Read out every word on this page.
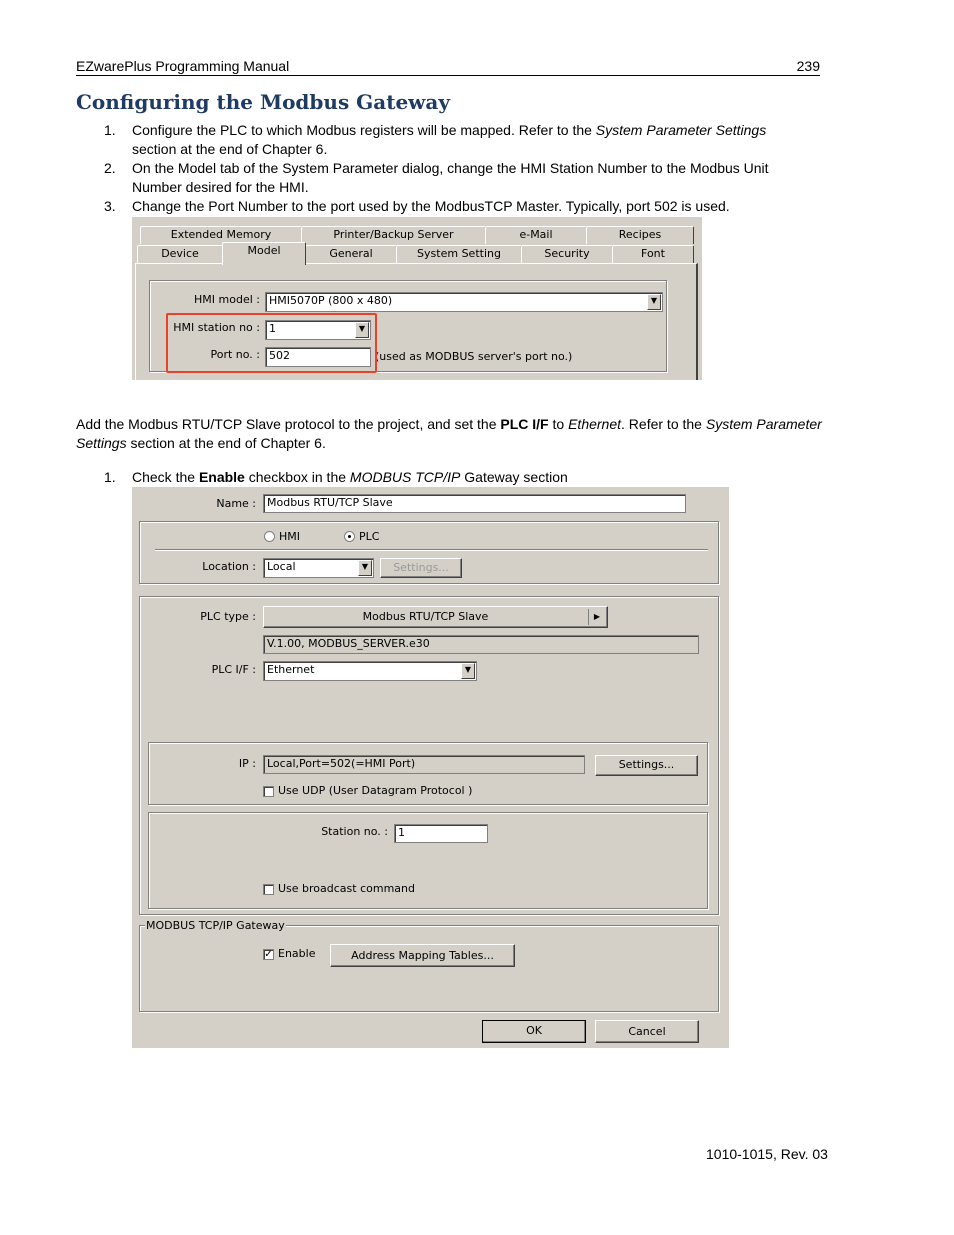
EZwarePlus Programming Manual	239
Configuring the Modbus Gateway
1. Configure the PLC to which Modbus registers will be mapped. Refer to the System Parameter Settings section at the end of Chapter 6.
2. On the Model tab of the System Parameter dialog, change the HMI Station Number to the Modbus Unit Number desired for the HMI.
3. Change the Port Number to the port used by the ModbusTCP Master. Typically, port 502 is used.
Extended Memory	Printer/Backup Server	e-Mail	Recipes
Device	Model	General	System Setting	Security	Font
HMI model : HMI5070P (800 x 480)	▼
HMI station no : 1	▼
Port no. : 502	(used as MODBUS server's port no.)
Add the Modbus RTU/TCP Slave protocol to the project, and set the PLC I/F to Ethernet. Refer to the System Parameter Settings section at the end of Chapter 6.
1. Check the Enable checkbox in the MODBUS TCP/IP Gateway section
Name :	Modbus RTU/TCP Slave
HMI	PLC
Location :	Local	▼	Settings...
PLC type :	Modbus RTU/TCP Slave	▶
V.1.00, MODBUS_SERVER.e30
PLC I/F :	Ethernet	▼
IP :	Local,Port=502(=HMI Port)	Settings...
Use UDP (User Datagram Protocol )
Station no. : 1
Use broadcast command
MODBUS TCP/IP Gateway
✓ Enable	Address Mapping Tables...
OK	Cancel
1010-1015, Rev. 03
